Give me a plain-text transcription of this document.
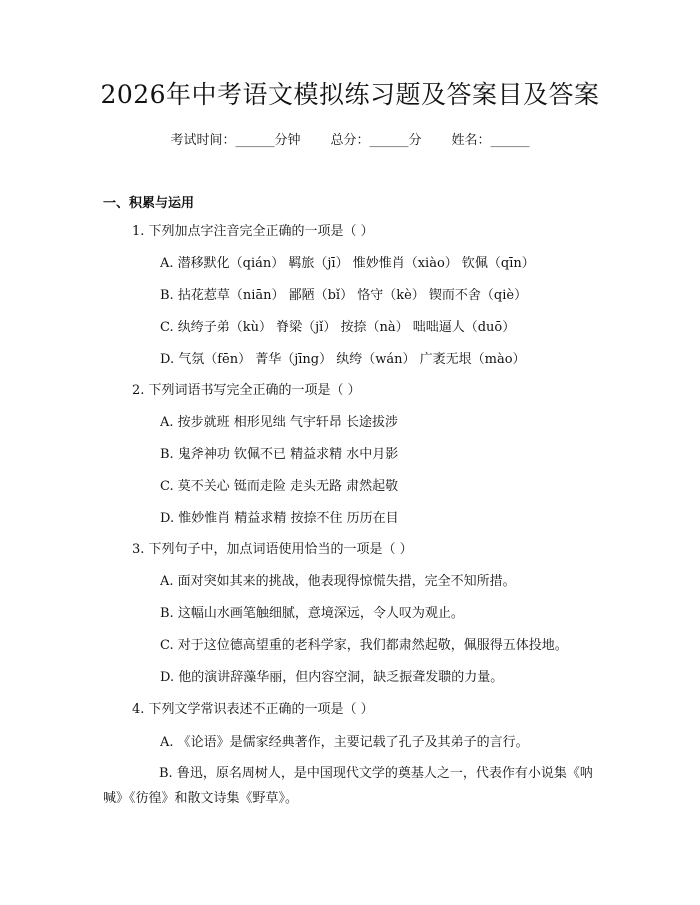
2026年中考语文模拟练习题及答案目及答案
考试时间：______分钟 总分：______分 姓名：______
一、积累与运用
1. 下列加点字注音完全正确的一项是（ ）
A. 潜移默化（qián） 羁旅（jī） 惟妙惟肖（xiào） 钦佩（qīn）
B. 拈花惹草（niān） 鄙陋（bǐ） 恪守（kè） 锲而不舍（qiè）
C. 纨绔子弟（kù） 脊梁（jǐ） 按捺（nà） 咄咄逼人（duō）
D. 气氛（fēn） 菁华（jīng） 纨绔（wán） 广袤无垠（mào）
2. 下列词语书写完全正确的一项是（ ）
A. 按步就班 相形见绌 气宇轩昂 长途拔涉
B. 鬼斧神功 钦佩不已 精益求精 水中月影
C. 莫不关心 铤而走险 走头无路 肃然起敬
D. 惟妙惟肖 精益求精 按捺不住 历历在目
3. 下列句子中，加点词语使用恰当的一项是（ ）
A. 面对突如其来的挑战，他表现得惊慌失措，完全不知所措。
B. 这幅山水画笔触细腻，意境深远，令人叹为观止。
C. 对于这位德高望重的老科学家，我们都肃然起敬，佩服得五体投地。
D. 他的演讲辞藻华丽，但内容空洞，缺乏振聋发聩的力量。
4. 下列文学常识表述不正确的一项是（ ）
A. 《论语》是儒家经典著作，主要记载了孔子及其弟子的言行。
B. 鲁迅，原名周树人，是中国现代文学的奠基人之一，代表作有小说集《呐喊》《彷徨》和散文诗集《野草》。
